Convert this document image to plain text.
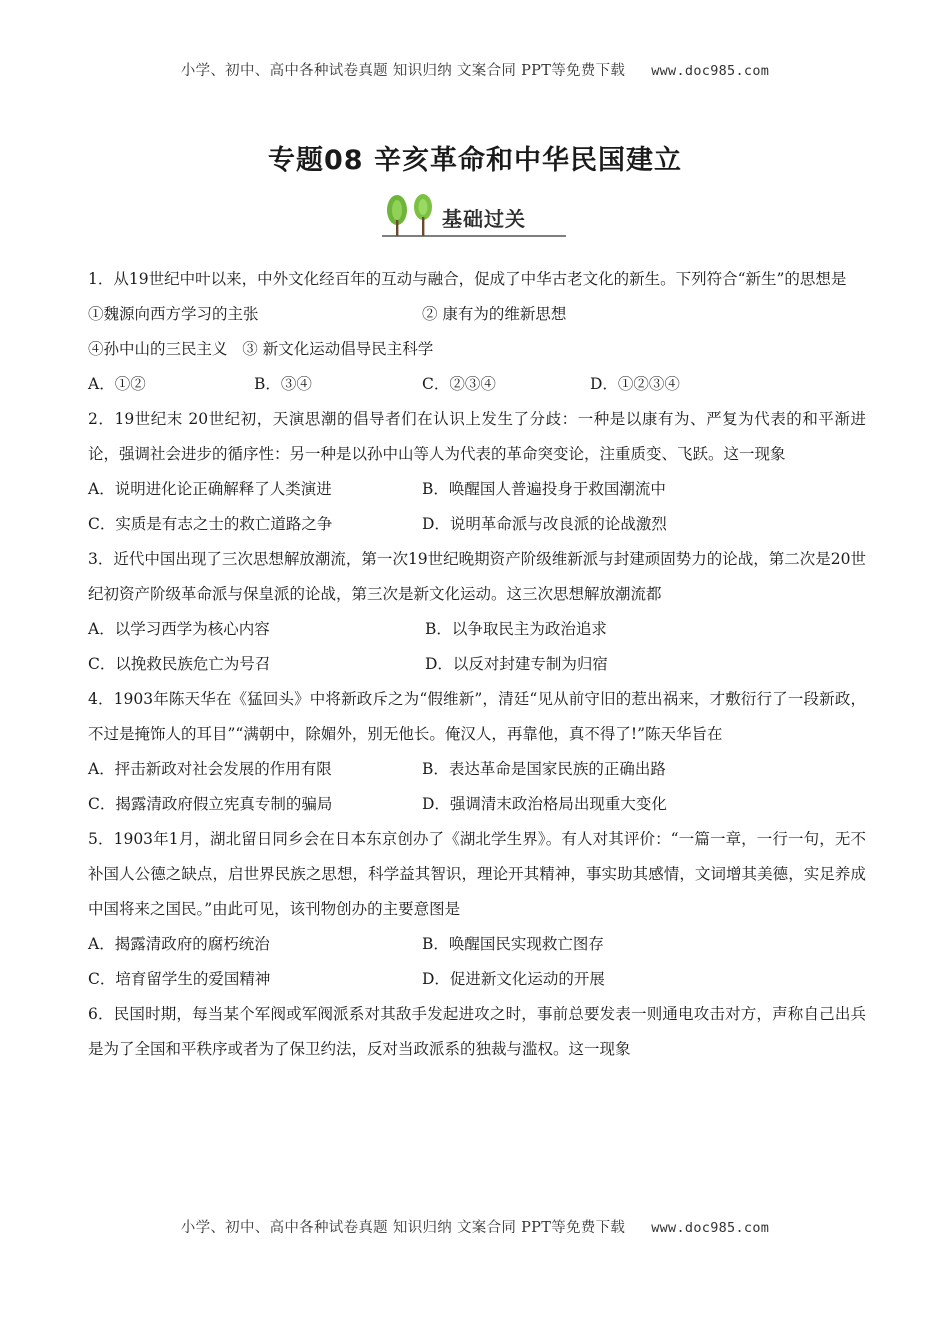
小学、初中、高中各种试卷真题 知识归纳 文案合同 PPT等免费下载 www.doc985.com
专题08 辛亥革命和中华民国建立
基础过关
1．从19世纪中叶以来，中外文化经百年的互动与融合，促成了中华古老文化的新生。下列符合“新生”的思想是
①魏源向西方学习的主张	② 康有为的维新思想
④孙中山的三民主义 ③ 新文化运动倡导民主科学
A．①②	B．③④	C．②③④	D．①②③④
2．19世纪末 20世纪初，天演思潮的倡导者们在认识上发生了分歧：一种是以康有为、严复为代表的和平渐进论，强调社会进步的循序性：另一种是以孙中山等人为代表的革命突变论，注重质变、飞跃。这一现象
A．说明进化论正确解释了人类演进	B．唤醒国人普遍投身于救国潮流中
C．实质是有志之士的救亡道路之争	D．说明革命派与改良派的论战激烈
3．近代中国出现了三次思想解放潮流，第一次19世纪晚期资产阶级维新派与封建顽固势力的论战，第二次是20世纪初资产阶级革命派与保皇派的论战，第三次是新文化运动。这三次思想解放潮流都
A．以学习西学为核心内容	B．以争取民主为政治追求
C．以挽救民族危亡为号召	D．以反对封建专制为归宿
4．1903年陈天华在《猛回头》中将新政斥之为“假维新”，清廷“见从前守旧的惹出祸来，才敷衍行了一段新政，不过是掩饰人的耳目”“满朝中，除媚外，别无他长。俺汉人，再靠他，真不得了!”陈天华旨在
A．抨击新政对社会发展的作用有限	B．表达革命是国家民族的正确出路
C．揭露清政府假立宪真专制的骗局	D．强调清末政治格局出现重大变化
5．1903年1月，湖北留日同乡会在日本东京创办了《湖北学生界》。有人对其评价：“一篇一章，一行一句，无不补国人公德之缺点，启世界民族之思想，科学益其智识，理论开其精神，事实助其感情，文词增其美德，实足养成中国将来之国民。”由此可见，该刊物创办的主要意图是
A．揭露清政府的腐朽统治	B．唤醒国民实现救亡图存
C．培育留学生的爱国精神	D．促进新文化运动的开展
6．民国时期，每当某个军阀或军阀派系对其敌手发起进攻之时，事前总要发表一则通电攻击对方，声称自己出兵是为了全国和平秩序或者为了保卫约法，反对当政派系的独裁与滥权。这一现象
小学、初中、高中各种试卷真题 知识归纳 文案合同 PPT等免费下载 www.doc985.com
